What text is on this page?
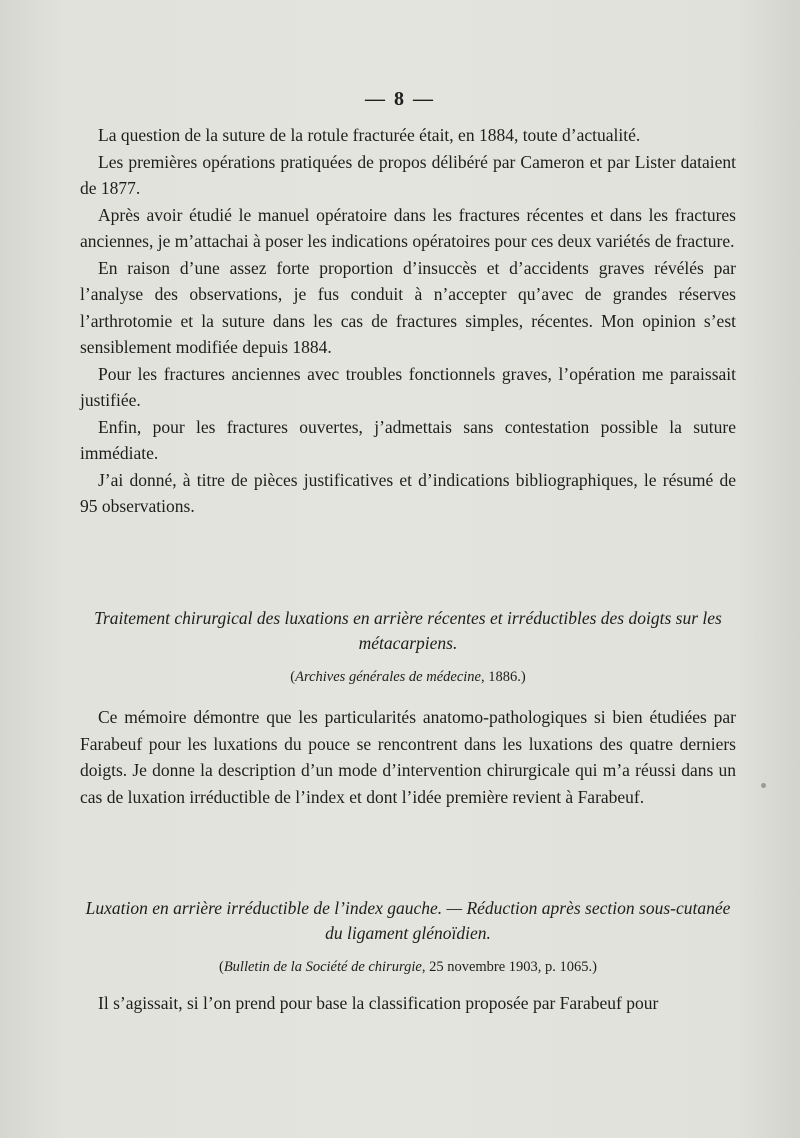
— 8 —

La question de la suture de la rotule fracturée était, en 1884, toute d’actualité.

Les premières opérations pratiquées de propos délibéré par Cameron et par Lister dataient de 1877.

Après avoir étudié le manuel opératoire dans les fractures récentes et dans les fractures anciennes, je m’attachai à poser les indications opératoires pour ces deux variétés de fracture.

En raison d’une assez forte proportion d’insuccès et d’accidents graves révélés par l’analyse des observations, je fus conduit à n’accepter qu’avec de grandes réserves l’arthrotomie et la suture dans les cas de fractures simples, récentes. Mon opinion s’est sensiblement modifiée depuis 1884.

Pour les fractures anciennes avec troubles fonctionnels graves, l’opération me paraissait justifiée.

Enfin, pour les fractures ouvertes, j’admettais sans contestation possible la suture immédiate.

J’ai donné, à titre de pièces justificatives et d’indications bibliographiques, le résumé de 95 observations.

Traitement chirurgical des luxations en arrière récentes et irréductibles des doigts sur les métacarpiens.
(Archives générales de médecine, 1886.)

Ce mémoire démontre que les particularités anatomo-pathologiques si bien étudiées par Farabeuf pour les luxations du pouce se rencontrent dans les luxations des quatre derniers doigts. Je donne la description d’un mode d’intervention chirurgicale qui m’a réussi dans un cas de luxation irréductible de l’index et dont l’idée première revient à Farabeuf.

Luxation en arrière irréductible de l’index gauche. — Réduction après section sous-cutanée du ligament glénoïdien.
(Bulletin de la Société de chirurgie, 25 novembre 1903, p. 1065.)

Il s’agissait, si l’on prend pour base la classification proposée par Farabeuf pour
